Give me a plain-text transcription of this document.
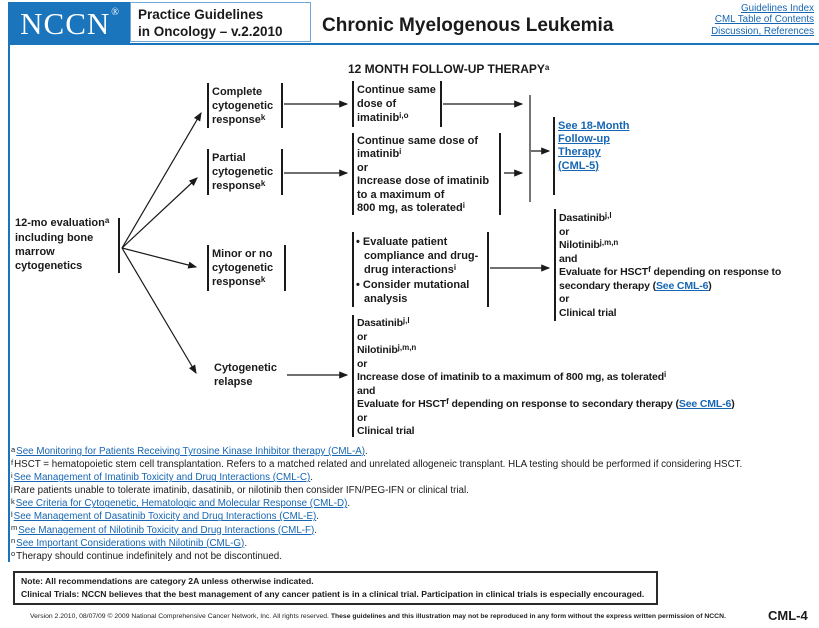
NCCN ® Practice Guidelines
in Oncology – v.2.2010	Chronic Myelogenous Leukemia
Guidelines Index
CML Table of Contents
Discussion, References
12 MONTH FOLLOW-UP THERAPY$^a$
12-mo evaluation$^a$
including bone
marrow
cytogenetics
Complete
cytogenetic
response$^k$
Partial
cytogenetic
response$^k$
Minor or no
cytogenetic
response$^k$
Cytogenetic
relapse
Continue same
dose of
imatinib$^{i,o}$
Continue same dose of
imatinib$^i$
or
Increase dose of imatinib
to a maximum of
800 mg, as tolerated$^i$
• Evaluate patient
compliance and drug-
drug interactions$^i$
• Consider mutational
analysis
See 18-Month
Follow-up
Therapy
(CML-5)
Dasatinib$^{j,l}$
or
Nilotinib$^{j,m,n}$
and
Evaluate for HSCT$^f$ depending on response to
secondary therapy (See CML-6)
or
Clinical trial
Dasatinib$^{j,l}$
or
Nilotinib$^{j,m,n}$
or
Increase dose of imatinib to a maximum of 800 mg, as tolerated$^i$
and
Evaluate for HSCT$^f$ depending on response to secondary therapy (See CML-6)
or
Clinical trial
$^a$See Monitoring for Patients Receiving Tyrosine Kinase Inhibitor therapy (CML-A).
$^f$HSCT = hematopoietic stem cell transplantation. Refers to a matched related and unrelated allogeneic transplant. HLA testing should be performed if considering HSCT.
$^i$See Management of Imatinib Toxicity and Drug Interactions (CML-C).
$^j$Rare patients unable to tolerate imatinib, dasatinib, or nilotinib then consider IFN/PEG-IFN or clinical trial.
$^k$See Criteria for Cytogenetic, Hematologic and Molecular Response (CML-D).
$^l$See Management of Dasatinib Toxicity and Drug Interactions (CML-E).
$^m$See Management of Nilotinib Toxicity and Drug Interactions (CML-F).
$^n$See Important Considerations with Nilotinib (CML-G).
$^o$Therapy should continue indefinitely and not be discontinued.
Note: All recommendations are category 2A unless otherwise indicated.
Clinical Trials: NCCN believes that the best management of any cancer patient is in a clinical trial. Participation in clinical trials is especially encouraged.
Version 2.2010, 08/07/09 © 2009 National Comprehensive Cancer Network, Inc. All rights reserved. These guidelines and this illustration may not be reproduced in any form without the express written permission of NCCN.	CML-4
